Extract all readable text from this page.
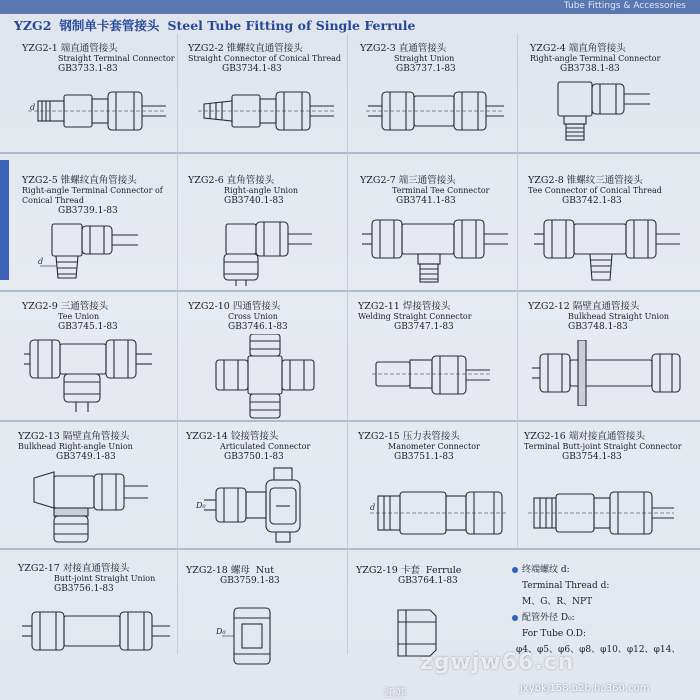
Tube Fittings & Accessories
YZG2 钢制单卡套管接头 Steel Tube Fitting of Single Ferrule
YZG2-1 端直通管接头
Straight Terminal Connector
GB3733.1-83
YZG2-2 锥螺纹直通管接头
Straight Connector of Conical Thread
GB3734.1-83
YZG2-3 直通管接头
Straight Union
GB3737.1-83
YZG2-4 端直角管接头
Right-angle Terminal Connector
GB3738.1-83
YZG2-5 锥螺纹直角管接头
Right-angle Terminal Connector of Conical Thread
GB3739.1-83
YZG2-6 直角管接头
Right-angle Union
GB3740.1-83
YZG2-7 端三通管接头
Terminal Tee Connector
GB3741.1-83
YZG2-8 锥螺纹三通管接头
Tee Connector of Conical Thread
GB3742.1-83
YZG2-9 三通管接头
Tee Union
GB3745.1-83
YZG2-10 四通管接头
Cross Union
GB3746.1-83
YZG2-11 焊接管接头
Welding Straight Connector
GB3747.1-83
YZG2-12 隔壁直通管接头
Bulkhead Straight Union
GB3748.1-83
YZG2-13 隔壁直角管接头
Bulkhead Right-angle Union
GB3749.1-83
YZG2-14 铰接管接头
Articulated Connector
GB3750.1-83
YZG2-15 压力表管接头
Manometer Connector
GB3751.1-83
YZG2-16 端对接直通管接头
Terminal Butt-joint Straight Connector
GB3754.1-83
YZG2-17 对接直通管接头
Butt-joint Straight Union
GB3756.1-83
YZG2-18 螺母 Nut
GB3759.1-83
YZG2-19 卡套 Ferrule
GB3764.1-83
终端螺纹 d:
Terminal Thread d:
M、G、R、NPT
配管外径 D₀:
For Tube O.D:
φ4、φ5、φ6、φ8、φ10、φ12、φ14、
d
d
D₀	d
D₀
zgwjw66.cn
江苏	jxybkj158.b2b.hc360.com
